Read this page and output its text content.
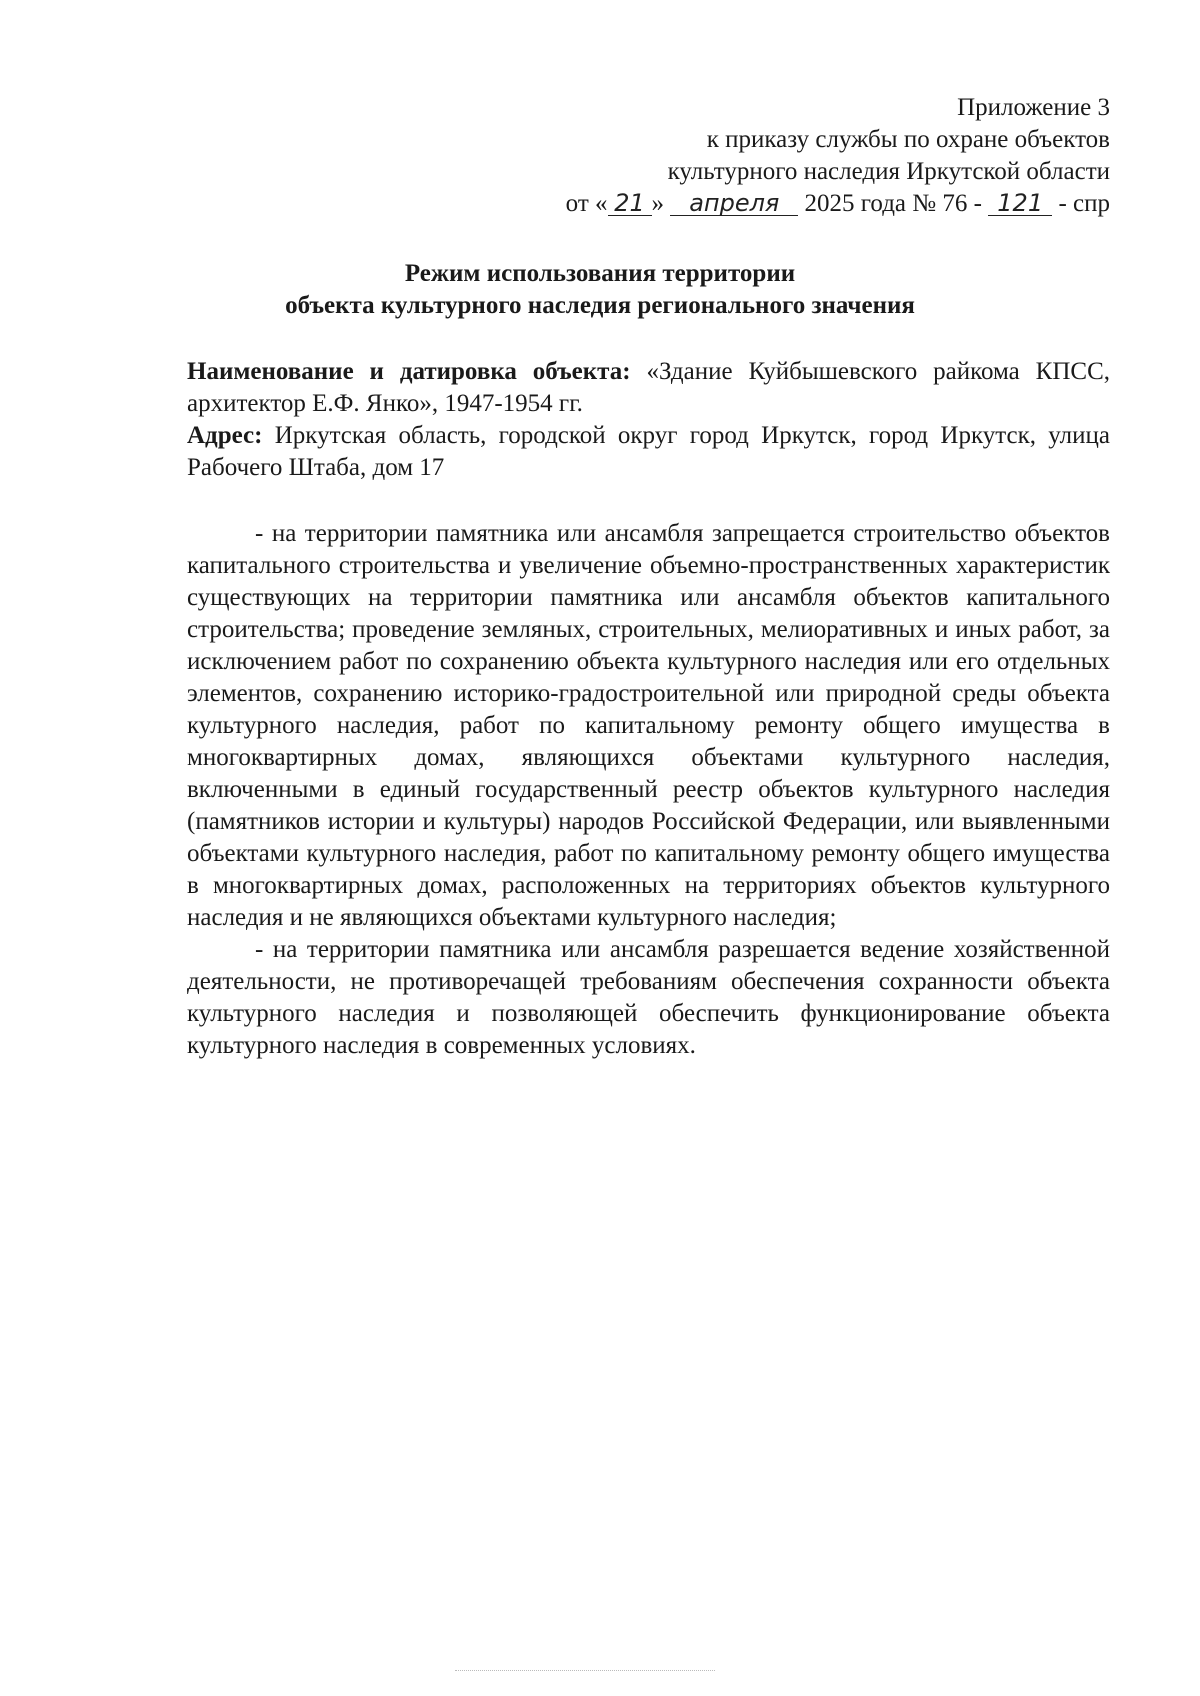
Приложение 3
к приказу службы по охране объектов
культурного наследия Иркутской области
от « 21 » апреля 2025 года № 76 - 121 - спр
Режим использования территории
объекта культурного наследия регионального значения

Наименование и датировка объекта: «Здание Куйбышевского райкома КПСС, архитектор Е.Ф. Янко», 1947-1954 гг.

Адрес: Иркутская область, городской округ город Иркутск, город Иркутск, улица Рабочего Штаба, дом 17

- на территории памятника или ансамбля запрещается строительство объектов капитального строительства и увеличение объемно-пространственных характеристик существующих на территории памятника или ансамбля объектов капитального строительства; проведение земляных, строительных, мелиоративных и иных работ, за исключением работ по сохранению объекта культурного наследия или его отдельных элементов, сохранению историко-градостроительной или природной среды объекта культурного наследия, работ по капитальному ремонту общего имущества в многоквартирных домах, являющихся объектами культурного наследия, включенными в единый государственный реестр объектов культурного наследия (памятников истории и культуры) народов Российской Федерации, или выявленными объектами культурного наследия, работ по капитальному ремонту общего имущества в многоквартирных домах, расположенных на территориях объектов культурного наследия и не являющихся объектами культурного наследия;

- на территории памятника или ансамбля разрешается ведение хозяйственной деятельности, не противоречащей требованиям обеспечения сохранности объекта культурного наследия и позволяющей обеспечить функционирование объекта культурного наследия в современных условиях.
